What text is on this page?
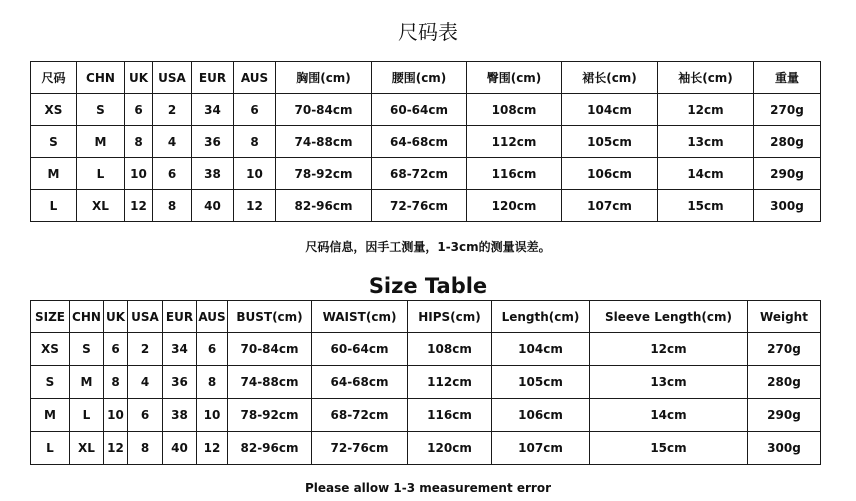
尺码表
尺码	CHN	UK	USA	EUR	AUS	胸围(cm)	腰围(cm)	臀围(cm)	裙长(cm)	袖长(cm)	重量
XS	S	6	2	34	6	70-84cm	60-64cm	108cm	104cm	12cm	270g
S	M	8	4	36	8	74-88cm	64-68cm	112cm	105cm	13cm	280g
M	L	10	6	38	10	78-92cm	68-72cm	116cm	106cm	14cm	290g
L	XL	12	8	40	12	82-96cm	72-76cm	120cm	107cm	15cm	300g
尺码信息，因手工测量，1-3cm的测量误差。
Size Table
SIZE	CHN	UK	USA	EUR	AUS	BUST(cm)	WAIST(cm)	HIPS(cm)	Length(cm)	Sleeve Length(cm)	Weight
XS	S	6	2	34	6	70-84cm	60-64cm	108cm	104cm	12cm	270g
S	M	8	4	36	8	74-88cm	64-68cm	112cm	105cm	13cm	280g
M	L	10	6	38	10	78-92cm	68-72cm	116cm	106cm	14cm	290g
L	XL	12	8	40	12	82-96cm	72-76cm	120cm	107cm	15cm	300g
Please allow 1-3 measurement error
